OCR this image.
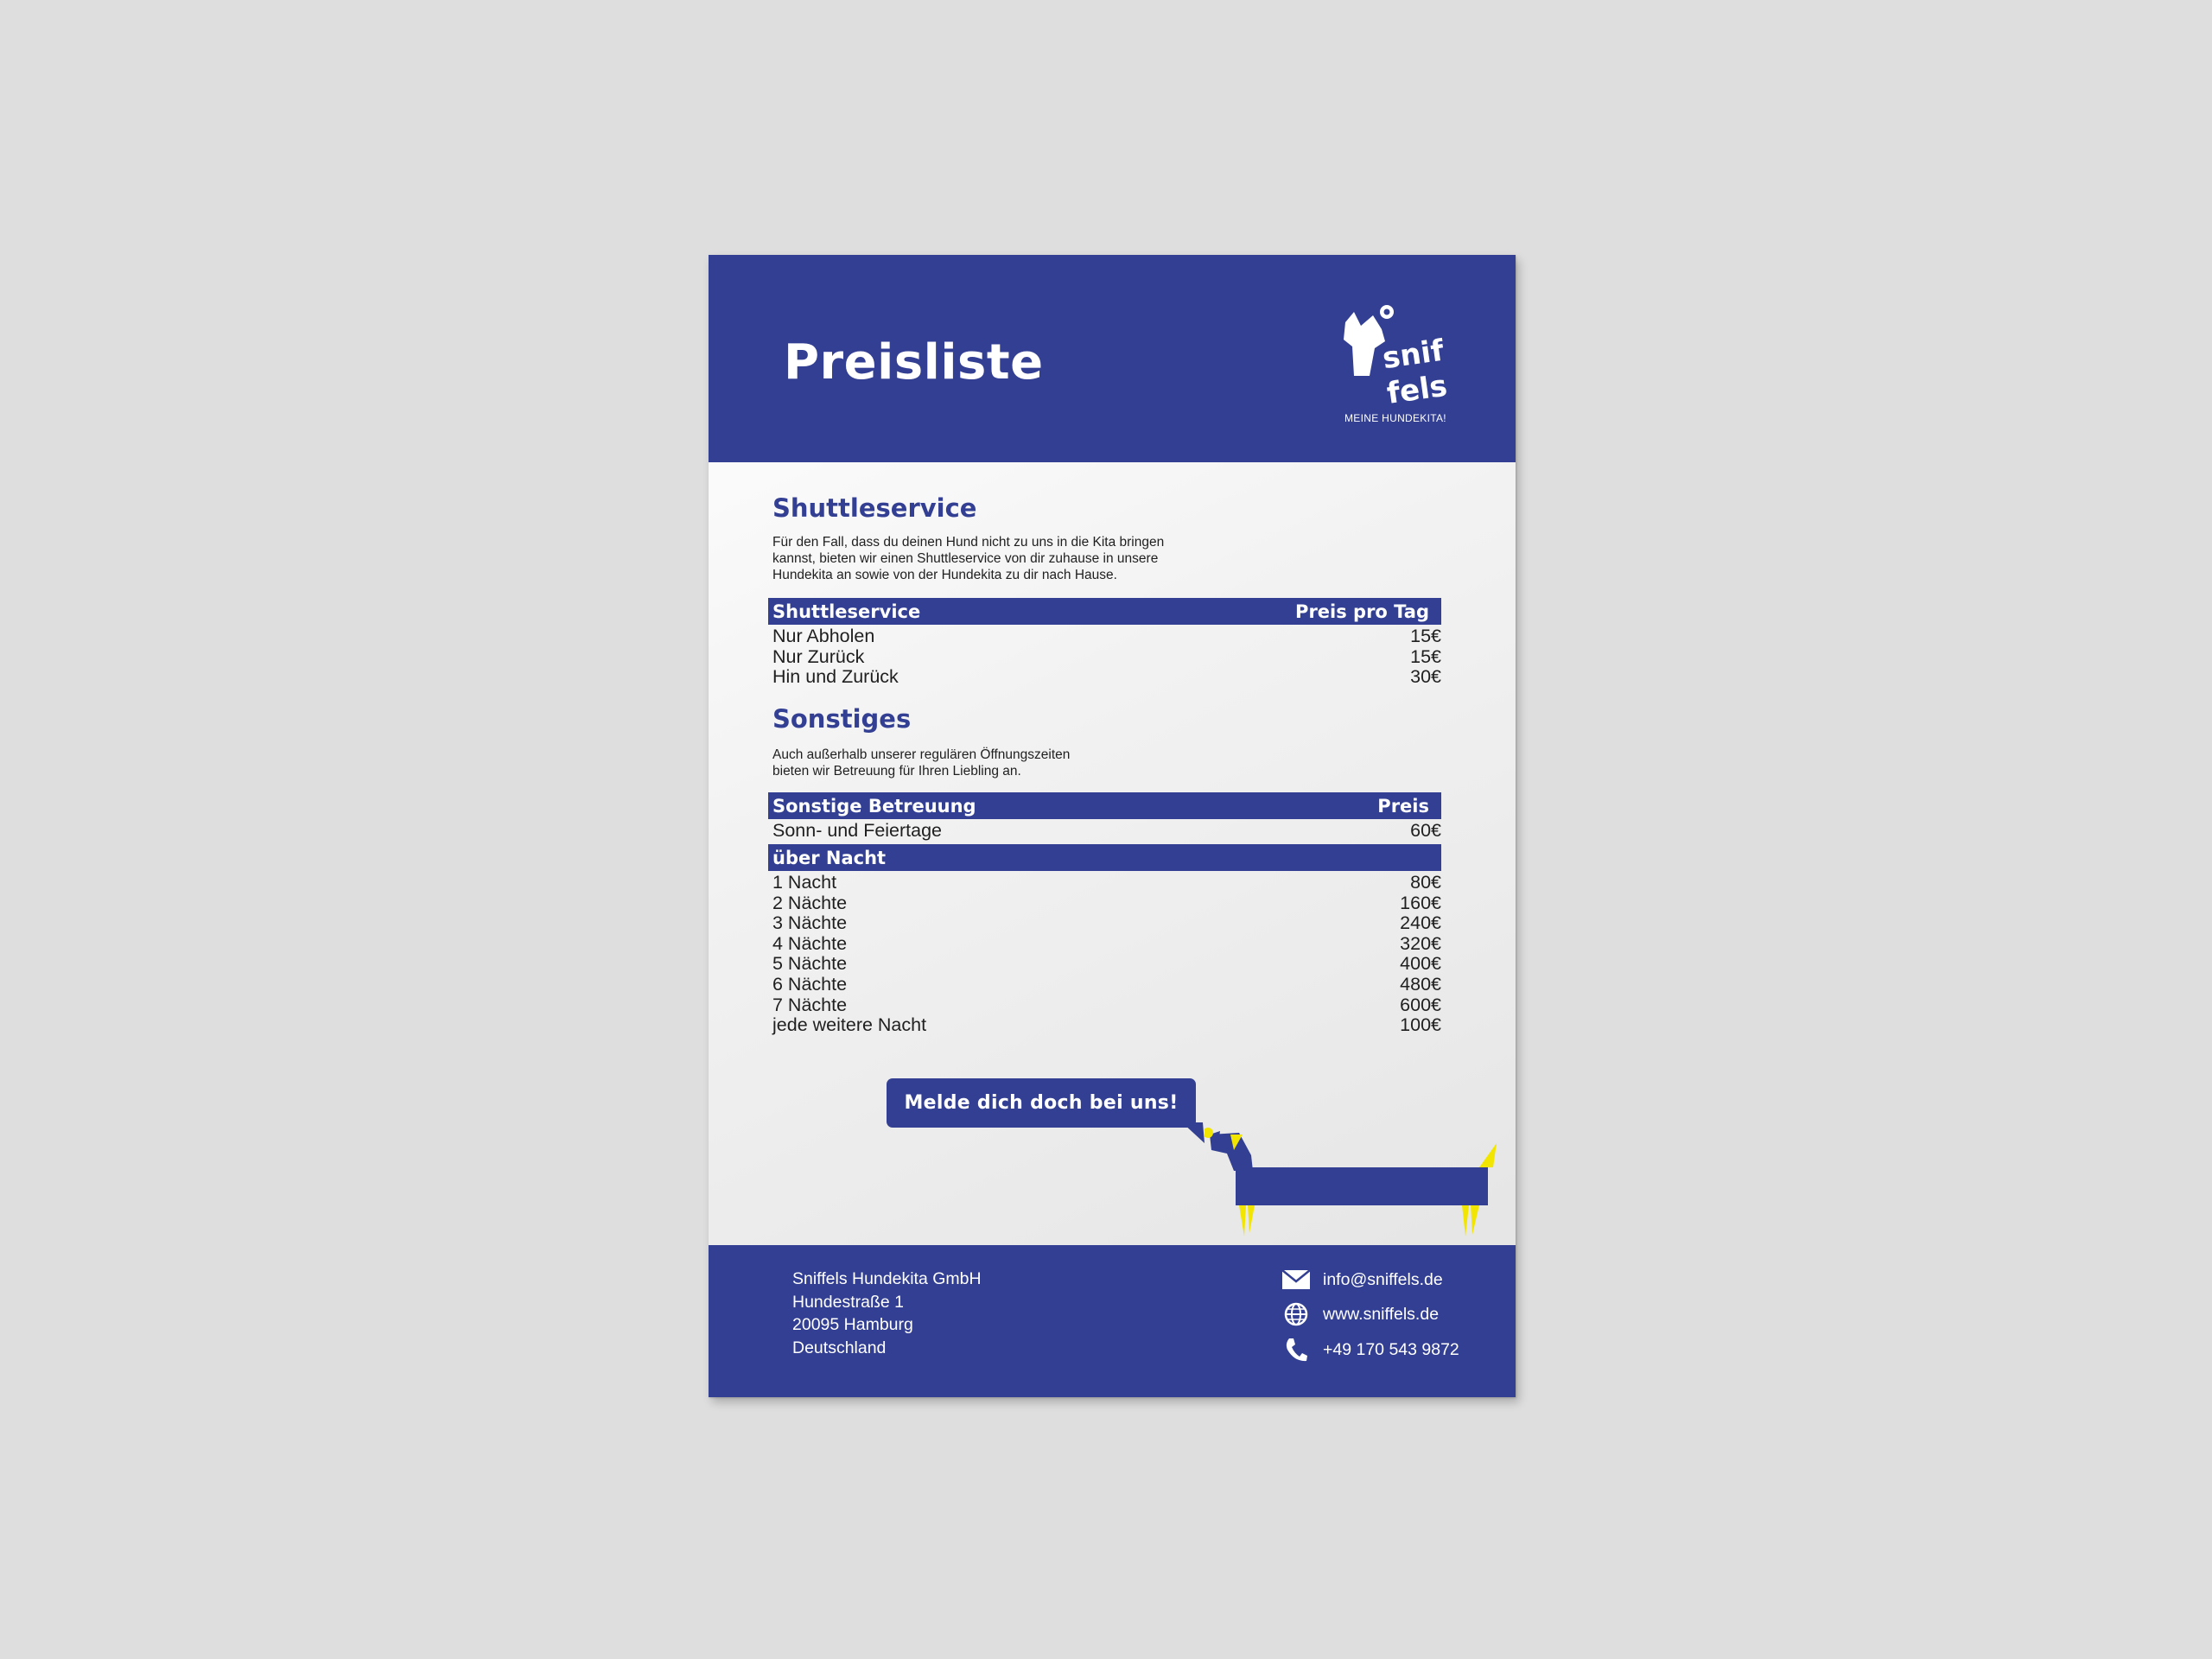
Preisliste	snif
fels
MEINE HUNDEKITA!
Shuttleservice
Für den Fall, dass du deinen Hund nicht zu uns in die Kita bringen
kannst, bieten wir einen Shuttleservice von dir zuhause in unsere
Hundekita an sowie von der Hundekita zu dir nach Hause.
Shuttleservice	Preis pro Tag
Nur Abholen	15€
Nur Zurück	15€
Hin und Zurück	30€
Sonstiges
Auch außerhalb unserer regulären Öffnungszeiten
bieten wir Betreuung für Ihren Liebling an.
Sonstige Betreuung	Preis
Sonn- und Feiertage	60€
über Nacht
1 Nacht	80€
2 Nächte	160€
3 Nächte	240€
4 Nächte	320€
5 Nächte	400€
6 Nächte	480€
7 Nächte	600€
jede weitere Nacht	100€
Melde dich doch bei uns!
Sniffels Hundekita GmbH
Hundestraße 1
20095 Hamburg
Deutschland
info@sniffels.de
www.sniffels.de
+49 170 543 9872
